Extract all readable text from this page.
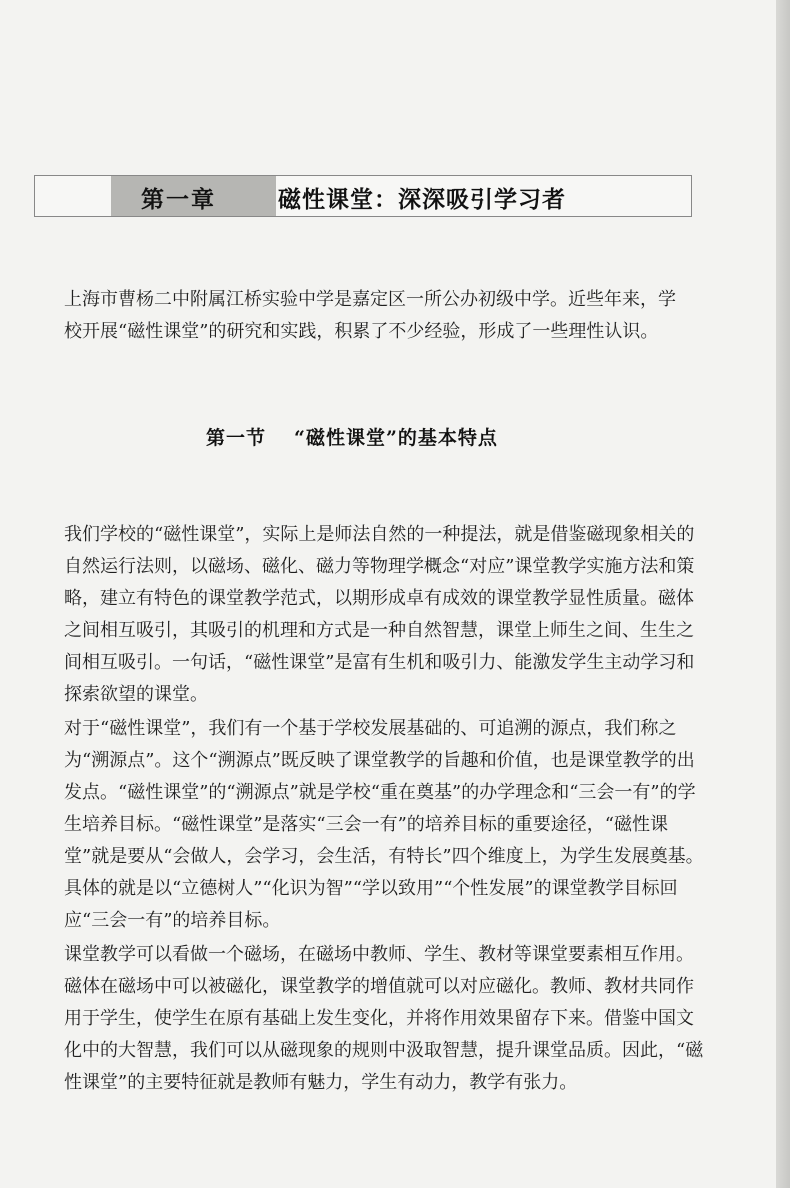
第一章	磁性课堂：深深吸引学习者

上海市曹杨二中附属江桥实验中学是嘉定区一所公办初级中学。近些年来，学校开展“磁性课堂”的研究和实践，积累了不少经验，形成了一些理性认识。

第一节 “磁性课堂”的基本特点

我们学校的“磁性课堂”，实际上是师法自然的一种提法，就是借鉴磁现象相关的自然运行法则，以磁场、磁化、磁力等物理学概念“对应”课堂教学实施方法和策略，建立有特色的课堂教学范式，以期形成卓有成效的课堂教学显性质量。磁体之间相互吸引，其吸引的机理和方式是一种自然智慧，课堂上师生之间、生生之间相互吸引。一句话，“磁性课堂”是富有生机和吸引力、能激发学生主动学习和探索欲望的课堂。

对于“磁性课堂”，我们有一个基于学校发展基础的、可追溯的源点，我们称之为“溯源点”。这个“溯源点”既反映了课堂教学的旨趣和价值，也是课堂教学的出发点。“磁性课堂”的“溯源点”就是学校“重在奠基”的办学理念和“三会一有”的学生培养目标。“磁性课堂”是落实“三会一有”的培养目标的重要途径，“磁性课堂”就是要从“会做人，会学习，会生活，有特长”四个维度上，为学生发展奠基。具体的就是以“立德树人”“化识为智”“学以致用”“个性发展”的课堂教学目标回应“三会一有”的培养目标。

课堂教学可以看做一个磁场，在磁场中教师、学生、教材等课堂要素相互作用。磁体在磁场中可以被磁化，课堂教学的增值就可以对应磁化。教师、教材共同作用于学生，使学生在原有基础上发生变化，并将作用效果留存下来。借鉴中国文化中的大智慧，我们可以从磁现象的规则中汲取智慧，提升课堂品质。因此，“磁性课堂”的主要特征就是教师有魅力，学生有动力，教学有张力。
